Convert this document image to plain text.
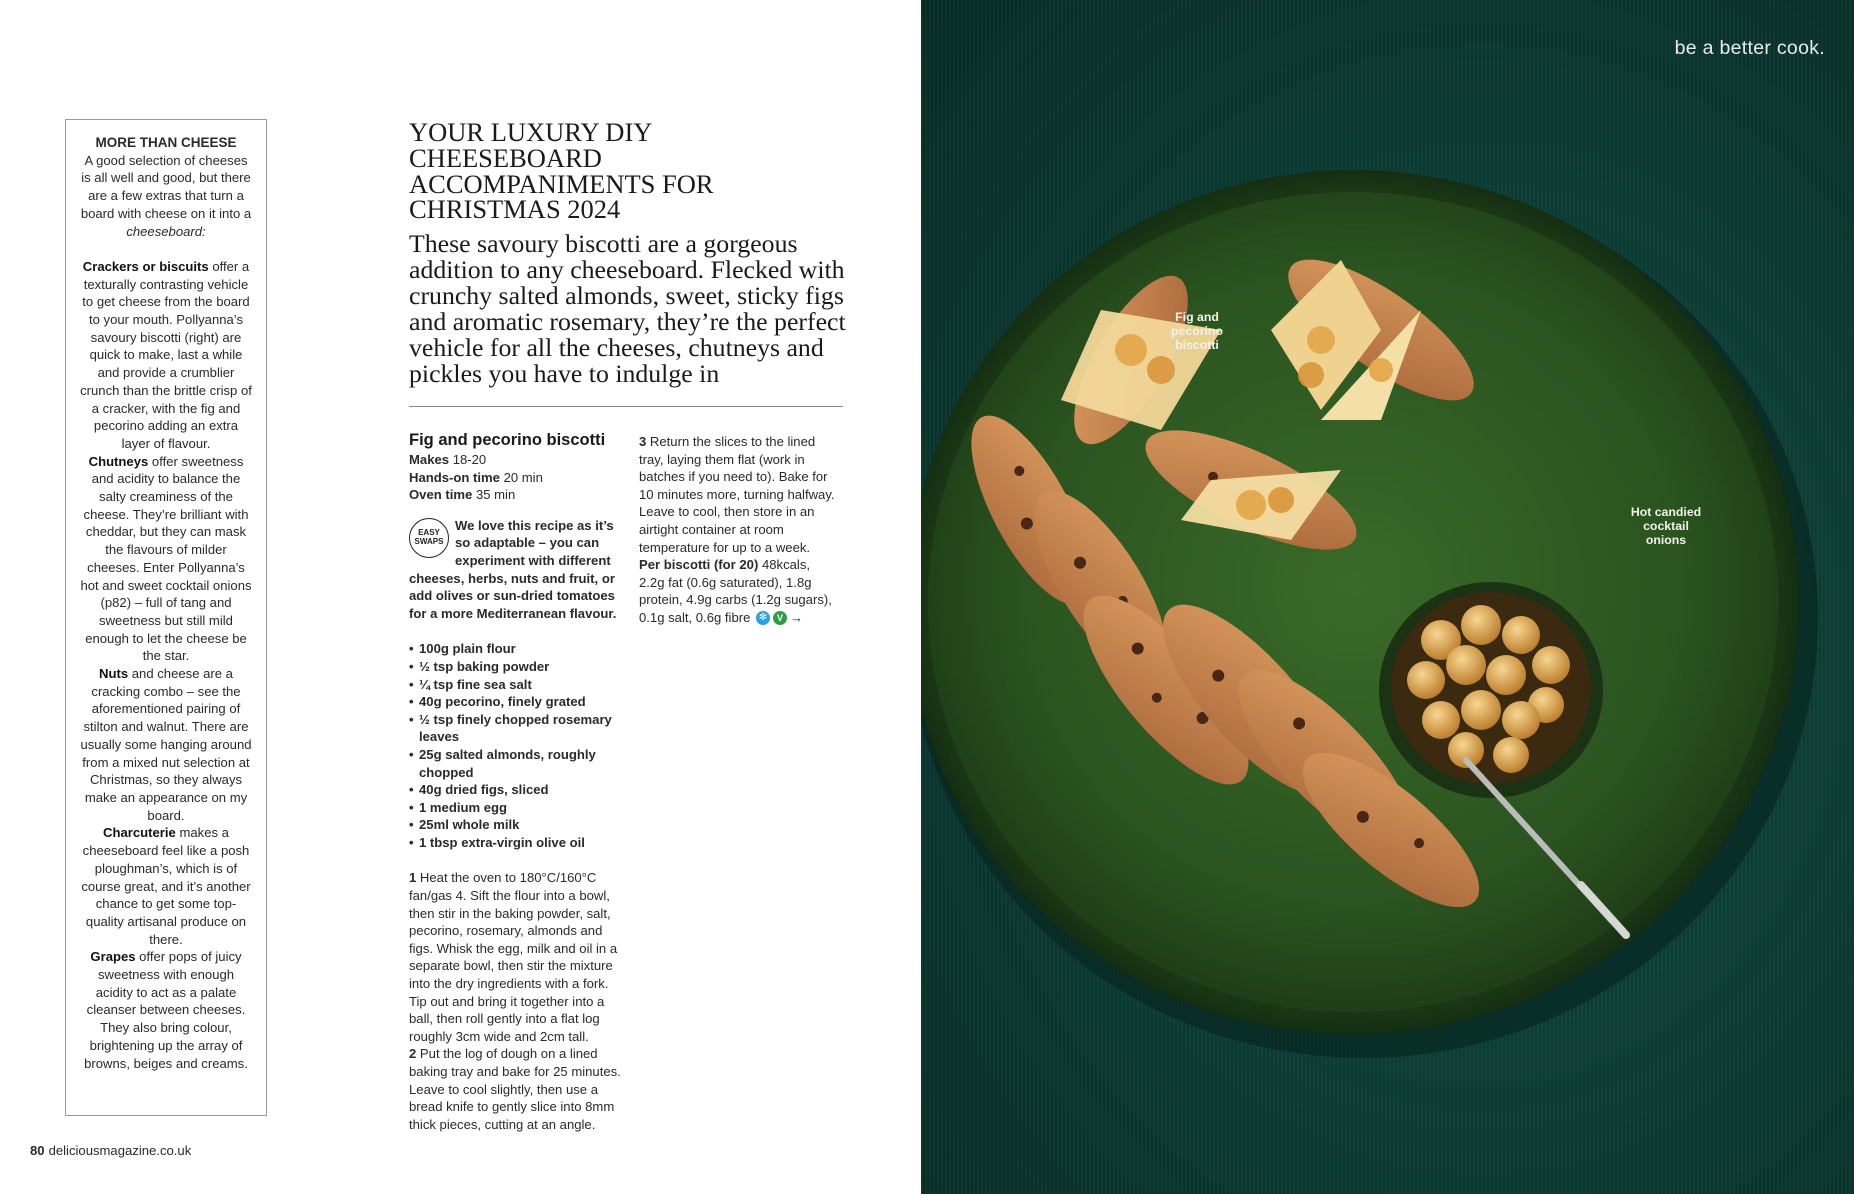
MORE THAN CHEESE

A good selection of cheeses is all well and good, but there are a few extras that turn a board with cheese on it into a cheeseboard:

Crackers or biscuits offer a texturally contrasting vehicle to get cheese from the board to your mouth. Pollyanna’s savoury biscotti (right) are quick to make, last a while and provide a crumblier crunch than the brittle crisp of a cracker, with the fig and pecorino adding an extra layer of flavour.

Chutneys offer sweetness and acidity to balance the salty creaminess of the cheese. They’re brilliant with cheddar, but they can mask the flavours of milder cheeses. Enter Pollyanna’s hot and sweet cocktail onions (p82) – full of tang and sweetness but still mild enough to let the cheese be the star.

Nuts and cheese are a cracking combo – see the aforementioned pairing of stilton and walnut. There are usually some hanging around from a mixed nut selection at Christmas, so they always make an appearance on my board.

Charcuterie makes a cheeseboard feel like a posh ploughman’s, which is of course great, and it’s another chance to get some top-quality artisanal produce on there.

Grapes offer pops of juicy sweetness with enough acidity to act as a palate cleanser between cheeses. They also bring colour, brightening up the array of browns, beiges and creams.

YOUR LUXURY DIY CHEESEBOARD ACCOMPANIMENTS FOR CHRISTMAS 2024

These savoury biscotti are a gorgeous addition to any cheeseboard. Flecked with crunchy salted almonds, sweet, sticky figs and aromatic rosemary, they’re the perfect vehicle for all the cheeses, chutneys and pickles you have to indulge in

Fig and pecorino biscotti
Makes 18-20
Hands-on time 20 min
Oven time 35 min
EASY SWAPS
We love this recipe as it’s so adaptable – you can experiment with different cheeses, herbs, nuts and fruit, or add olives or sun-dried tomatoes for a more Mediterranean flavour.
• 100g plain flour
• ½ tsp baking powder
• ¼ tsp fine sea salt
• 40g pecorino, finely grated
• ½ tsp finely chopped rosemary leaves
• 25g salted almonds, roughly chopped
• 40g dried figs, sliced
• 1 medium egg
• 25ml whole milk
• 1 tbsp extra-virgin olive oil

1 Heat the oven to 180°C/160°C fan/gas 4. Sift the flour into a bowl, then stir in the baking powder, salt, pecorino, rosemary, almonds and figs. Whisk the egg, milk and oil in a separate bowl, then stir the mixture into the dry ingredients with a fork. Tip out and bring it together into a ball, then roll gently into a flat log roughly 3cm wide and 2cm tall.

2 Put the log of dough on a lined baking tray and bake for 25 minutes. Leave to cool slightly, then use a bread knife to gently slice into 8mm thick pieces, cutting at an angle.

3 Return the slices to the lined tray, laying them flat (work in batches if you need to). Bake for 10 minutes more, turning halfway. Leave to cool, then store in an airtight container at room temperature for up to a week.

Per biscotti (for 20) 48kcals, 2.2g fat (0.6g saturated), 1.8g protein, 4.9g carbs (1.2g sugars), 0.1g salt, 0.6g fibre ✻	V →

80 deliciousmagazine.co.uk
be a better cook.
Fig and pecorino biscotti
Hot candied cocktail onions
